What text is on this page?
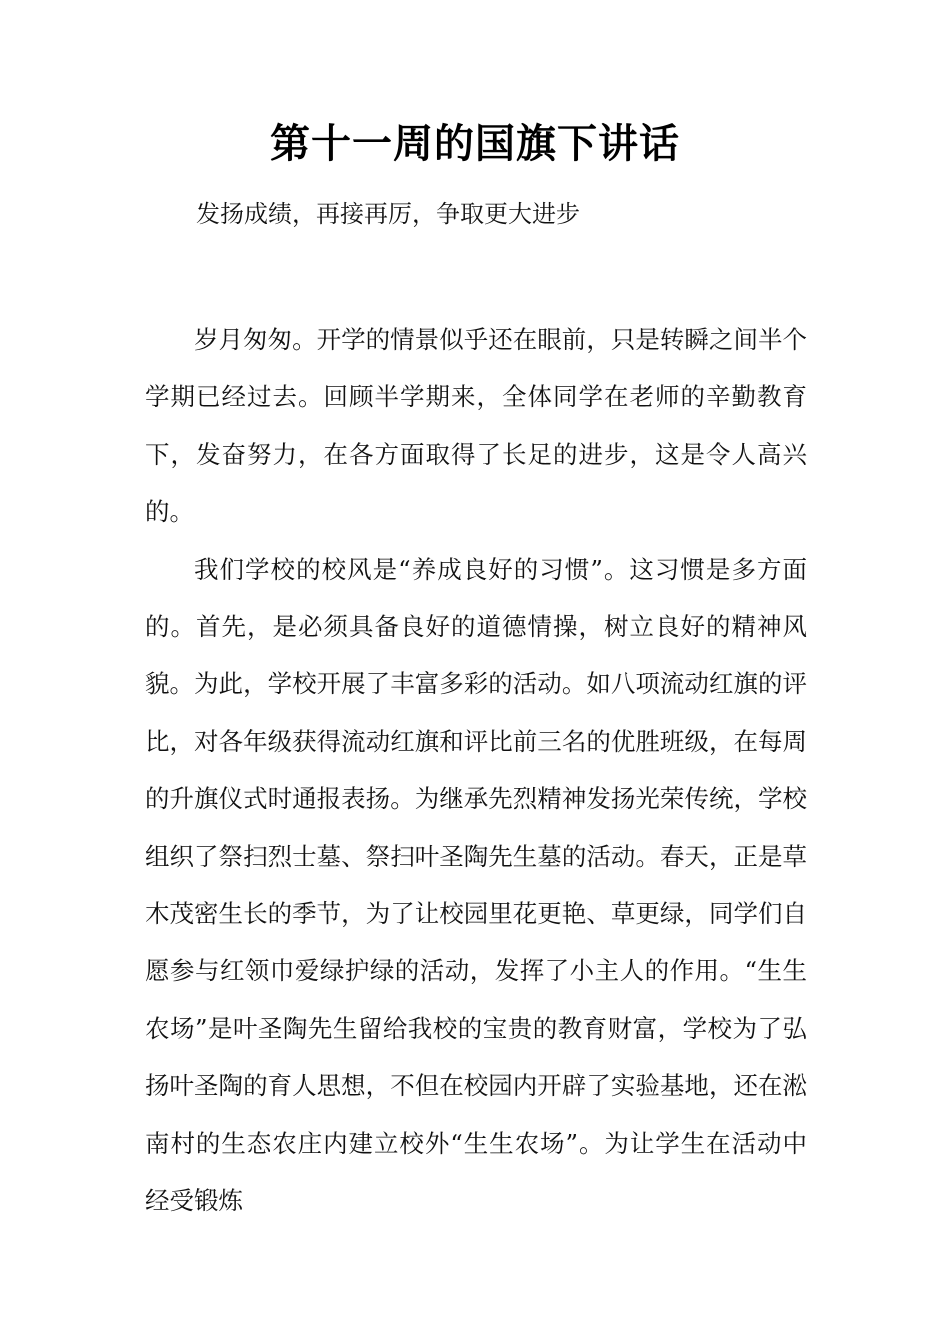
第十一周的国旗下讲话
发扬成绩，再接再厉，争取更大进步

岁月匆匆。开学的情景似乎还在眼前，只是转瞬之间半个学期已经过去。回顾半学期来，全体同学在老师的辛勤教育下，发奋努力，在各方面取得了长足的进步，这是令人高兴的。

我们学校的校风是“养成良好的习惯”。这习惯是多方面的。首先，是必须具备良好的道德情操，树立良好的精神风貌。为此，学校开展了丰富多彩的活动。如八项流动红旗的评比，对各年级获得流动红旗和评比前三名的优胜班级，在每周的升旗仪式时通报表扬。为继承先烈精神发扬光荣传统，学校组织了祭扫烈士墓、祭扫叶圣陶先生墓的活动。春天，正是草木茂密生长的季节，为了让校园里花更艳、草更绿，同学们自愿参与红领巾爱绿护绿的活动，发挥了小主人的作用。“生生农场”是叶圣陶先生留给我校的宝贵的教育财富，学校为了弘扬叶圣陶的育人思想，不但在校园内开辟了实验基地，还在淞南村的生态农庄内建立校外“生生农场”。为让学生在活动中经受锻炼
